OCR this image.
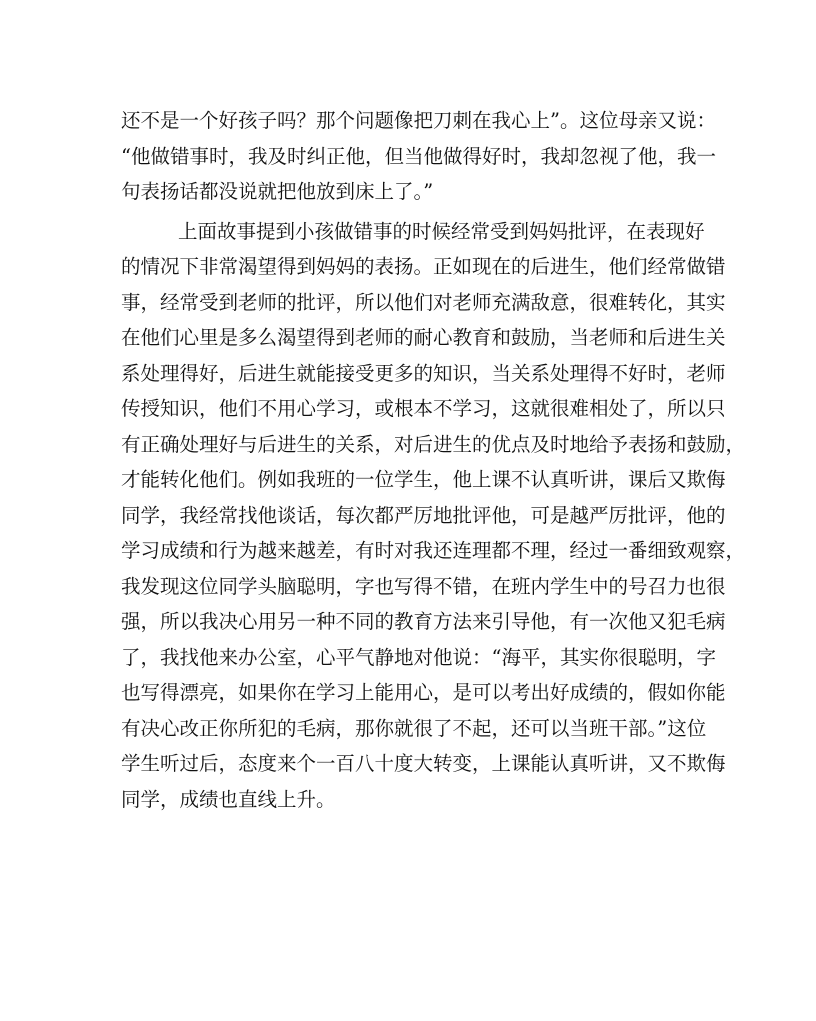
还不是一个好孩子吗？那个问题像把刀刺在我心上”。这位母亲又说：
“他做错事时，我及时纠正他，但当他做得好时，我却忽视了他，我一
句表扬话都没说就把他放到床上了。”
上面故事提到小孩做错事的时候经常受到妈妈批评，在表现好
的情况下非常渴望得到妈妈的表扬。正如现在的后进生，他们经常做错
事，经常受到老师的批评，所以他们对老师充满敌意，很难转化，其实
在他们心里是多么渴望得到老师的耐心教育和鼓励，当老师和后进生关
系处理得好，后进生就能接受更多的知识，当关系处理得不好时，老师
传授知识，他们不用心学习，或根本不学习，这就很难相处了，所以只
有正确处理好与后进生的关系，对后进生的优点及时地给予表扬和鼓励，
才能转化他们。例如我班的一位学生，他上课不认真听讲，课后又欺侮
同学，我经常找他谈话，每次都严厉地批评他，可是越严厉批评，他的
学习成绩和行为越来越差，有时对我还连理都不理，经过一番细致观察，
我发现这位同学头脑聪明，字也写得不错，在班内学生中的号召力也很
强，所以我决心用另一种不同的教育方法来引导他，有一次他又犯毛病
了，我找他来办公室，心平气静地对他说：“海平，其实你很聪明，字
也写得漂亮，如果你在学习上能用心，是可以考出好成绩的，假如你能
有决心改正你所犯的毛病，那你就很了不起，还可以当班干部。”这位
学生听过后，态度来个一百八十度大转变，上课能认真听讲，又不欺侮
同学，成绩也直线上升。
